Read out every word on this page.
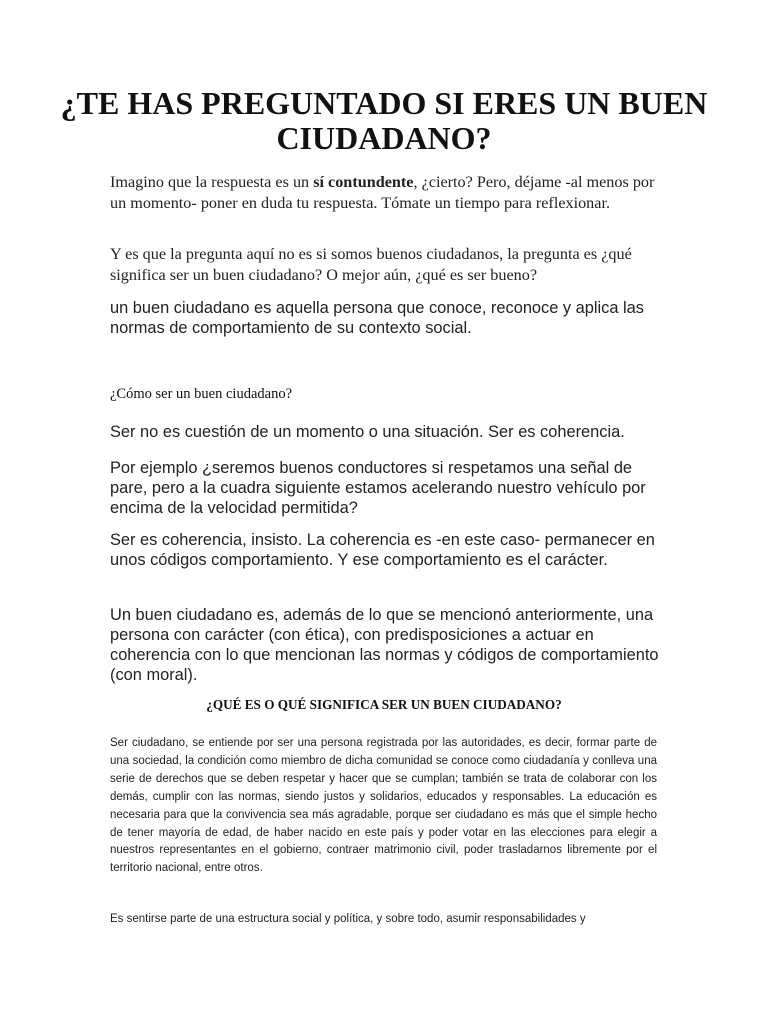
¿TE HAS PREGUNTADO SI ERES UN BUEN CIUDADANO?

Imagino que la respuesta es un sí contundente, ¿cierto? Pero, déjame -al menos por un momento- poner en duda tu respuesta. Tómate un tiempo para reflexionar.

Y es que la pregunta aquí no es si somos buenos ciudadanos, la pregunta es ¿qué significa ser un buen ciudadano? O mejor aún, ¿qué es ser bueno?

un buen ciudadano es aquella persona que conoce, reconoce y aplica las normas de comportamiento de su contexto social.

¿Cómo ser un buen ciudadano?

Ser no es cuestión de un momento o una situación. Ser es coherencia.

Por ejemplo ¿seremos buenos conductores si respetamos una señal de pare, pero a la cuadra siguiente estamos acelerando nuestro vehículo por encima de la velocidad permitida?

Ser es coherencia, insisto. La coherencia es -en este caso- permanecer en unos códigos comportamiento. Y ese comportamiento es el carácter.

Un buen ciudadano es, además de lo que se mencionó anteriormente, una persona con carácter (con ética), con predisposiciones a actuar en coherencia con lo que mencionan las normas y códigos de comportamiento (con moral).

¿QUÉ ES O QUÉ SIGNIFICA SER UN BUEN CIUDADANO?

Ser ciudadano, se entiende por ser una persona registrada por las autoridades, es decir, formar parte de una sociedad, la condición como miembro de dicha comunidad se conoce como ciudadanía y conlleva una serie de derechos que se deben respetar y hacer que se cumplan; también se trata de colaborar con los demás, cumplir con las normas, siendo justos y solidarios, educados y responsables. La educación es necesaria para que la convivencia sea más agradable, porque ser ciudadano es más que el simple hecho de tener mayoría de edad, de haber nacido en este país y poder votar en las elecciones para elegir a nuestros representantes en el gobierno, contraer matrimonio civil, poder trasladarnos libremente por el territorio nacional, entre otros.

Es sentirse parte de una estructura social y política, y sobre todo, asumir responsabilidades y
